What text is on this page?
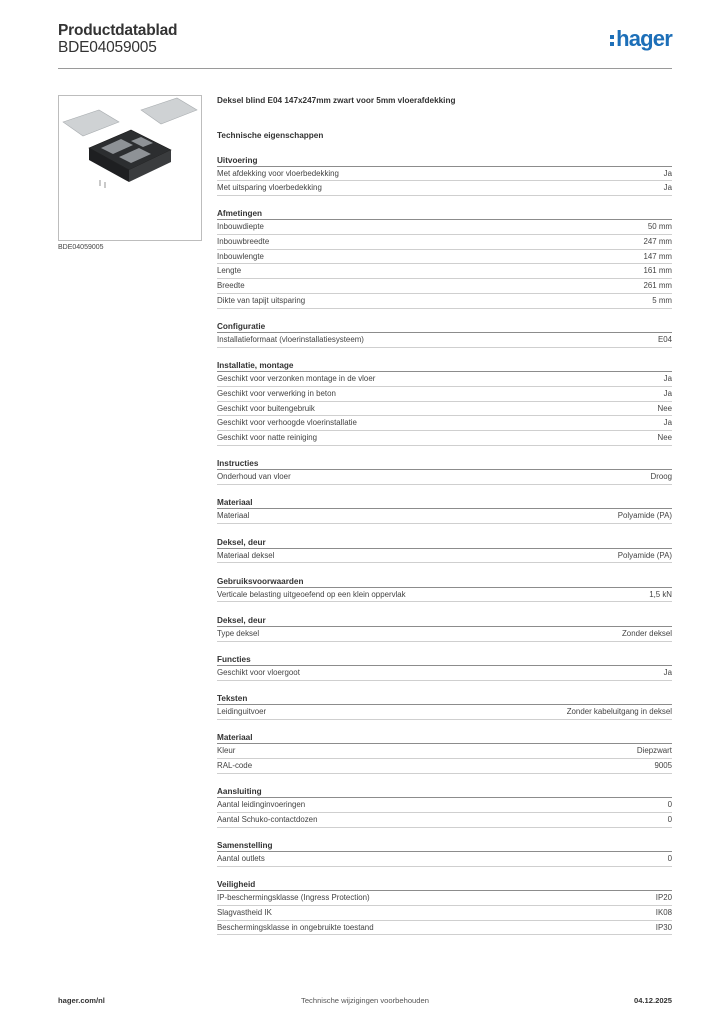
Productdatablad
BDE04059005	hager
BDE04059005
Deksel blind E04 147x247mm zwart voor 5mm vloerafdekking
Technische eigenschappen
Uitvoering
Met afdekking voor vloerbedekking	Ja
Met uitsparing vloerbedekking	Ja
Afmetingen
Inbouwdiepte	50 mm
Inbouwbreedte	247 mm
Inbouwlengte	147 mm
Lengte	161 mm
Breedte	261 mm
Dikte van tapijt uitsparing	5 mm
Configuratie
Installatieformaat (vloerinstallatiesysteem)	E04
Installatie, montage
Geschikt voor verzonken montage in de vloer	Ja
Geschikt voor verwerking in beton	Ja
Geschikt voor buitengebruik	Nee
Geschikt voor verhoogde vloerinstallatie	Ja
Geschikt voor natte reiniging	Nee
Instructies
Onderhoud van vloer	Droog
Materiaal
Materiaal	Polyamide (PA)
Deksel, deur
Materiaal deksel	Polyamide (PA)
Gebruiksvoorwaarden
Verticale belasting uitgeoefend op een klein oppervlak	1,5 kN
Deksel, deur
Type deksel	Zonder deksel
Functies
Geschikt voor vloergoot	Ja
Teksten
Leidinguitvoer	Zonder kabeluitgang in deksel
Materiaal
Kleur	Diepzwart
RAL-code	9005
Aansluiting
Aantal leidinginvoeringen	0
Aantal Schuko-contactdozen	0
Samenstelling
Aantal outlets	0
Veiligheid
IP-beschermingsklasse (Ingress Protection)	IP20
Slagvastheid IK	IK08
Beschermingsklasse in ongebruikte toestand	IP30
Technische wijzigingen voorbehouden
hager.com/nl	04.12.2025
